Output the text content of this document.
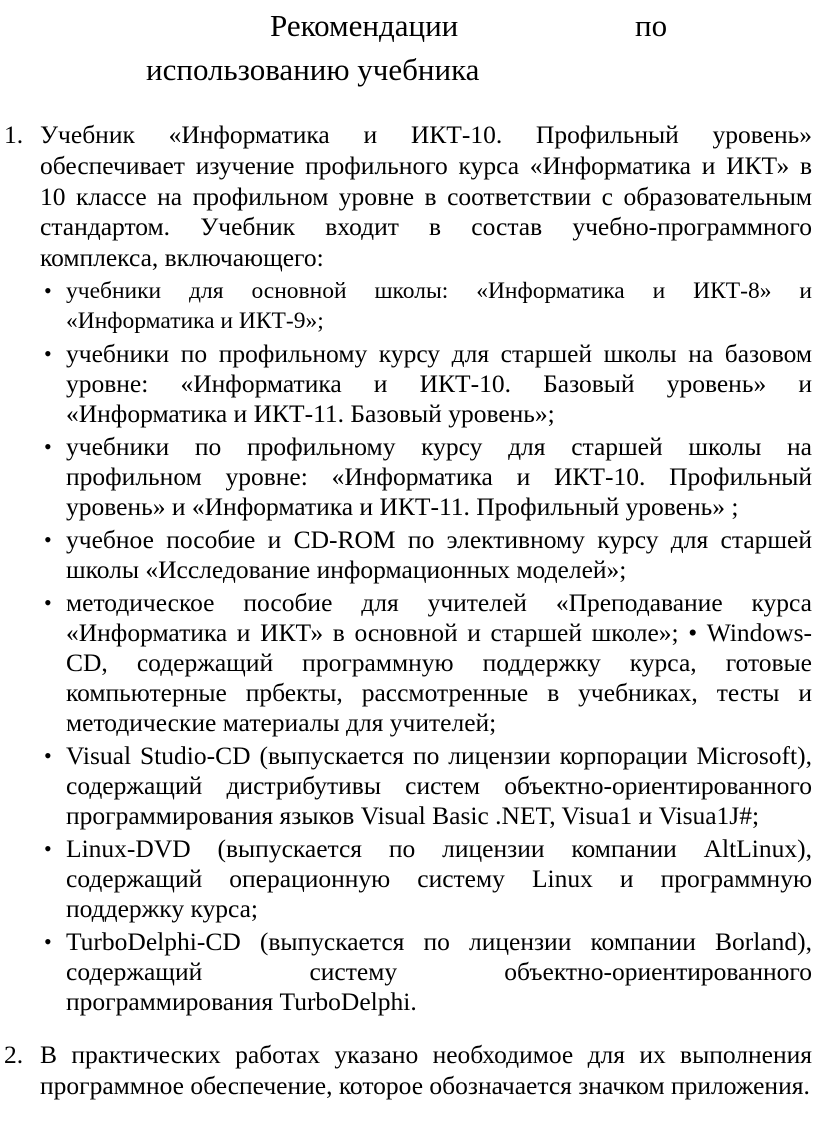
Рекомендации	по
использованию учебника
1. Учебник «Информатика и ИКТ-10. Профильный уровень» обеспечивает изучение профильного курса «Информатика и ИКТ» в 10 классе на профильном уровне в соответствии с образовательным стандартом. Учебник входит в состав учебно-программного комплекса, включающего:
• учебники для основной школы: «Информатика и ИКТ-8» и «Информатика и ИКТ-9»;
• учебники по профильному курсу для старшей школы на базовом уровне: «Информатика и ИКТ-10. Базовый уровень» и «Информатика и ИКТ-11. Базовый уровень»;
• учебники по профильному курсу для старшей школы на профильном уровне: «Информатика и ИКТ-10. Профильный уровень» и «Информатика и ИКТ-11. Профильный уровень» ;
• учебное пособие и CD-ROM по элективному курсу для старшей школы «Исследование информационных моделей»;
• методическое пособие для учителей «Преподавание курса «Информатика и ИКТ» в основной и старшей школе»; • Windows-CD, содержащий программную поддержку курса, готовые компьютерные прбекты, рассмотренные в учебниках, тесты и методические материалы для учителей;
• Visual Studio-CD (выпускается по лицензии корпорации Microsoft), содержащий дистрибутивы систем объектно-ориентированного программирования языков Visual Basic .NET, Visua1 и Visua1J#;
• Linux-DVD (выпускается по лицензии компании AltLinux), содержащий операционную систему Linux и программную поддержку курса;
• TurboDelphi-CD (выпускается по лицензии компании Borland), содержащий систему объектно-ориентированного программирования TurboDelphi.
2. В практических работах указано необходимое для их выполнения программное обеспечение, которое обозначается значком приложения.
